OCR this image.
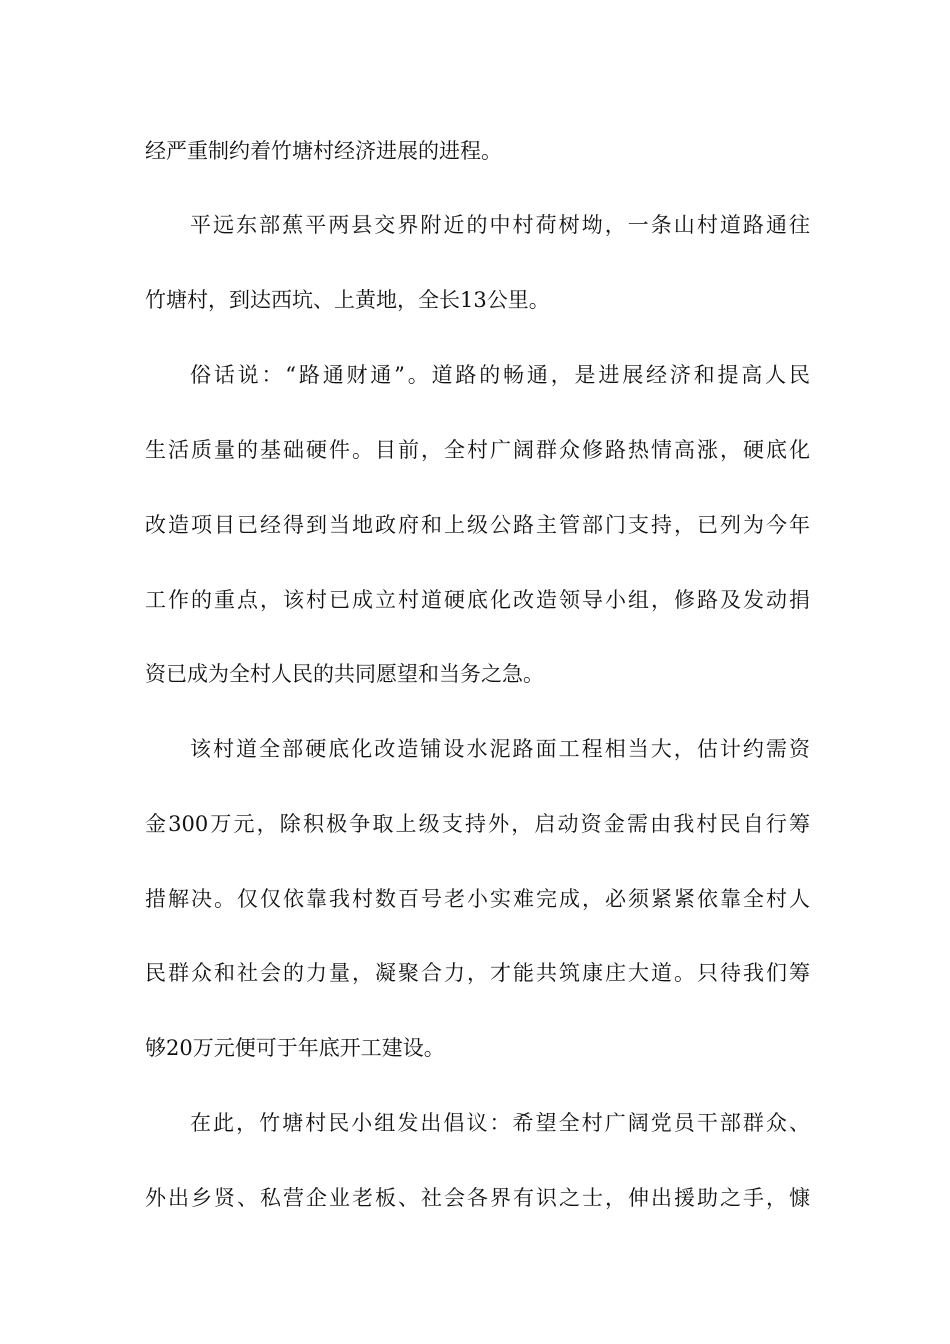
经严重制约着竹塘村经济进展的进程。
平远东部蕉平两县交界附近的中村荷树坳，一条山村道路通往
竹塘村，到达西坑、上黄地，全长13公里。
俗话说：“路通财通”。道路的畅通，是进展经济和提高人民
生活质量的基础硬件。目前，全村广阔群众修路热情高涨，硬底化
改造项目已经得到当地政府和上级公路主管部门支持，已列为今年
工作的重点，该村已成立村道硬底化改造领导小组，修路及发动捐
资已成为全村人民的共同愿望和当务之急。
该村道全部硬底化改造铺设水泥路面工程相当大，估计约需资
金300万元，除积极争取上级支持外，启动资金需由我村民自行筹
措解决。仅仅依靠我村数百号老小实难完成，必须紧紧依靠全村人
民群众和社会的力量，凝聚合力，才能共筑康庄大道。只待我们筹
够20万元便可于年底开工建设。
在此，竹塘村民小组发出倡议：希望全村广阔党员干部群众、
外出乡贤、私营企业老板、社会各界有识之士，伸出援助之手，慷
